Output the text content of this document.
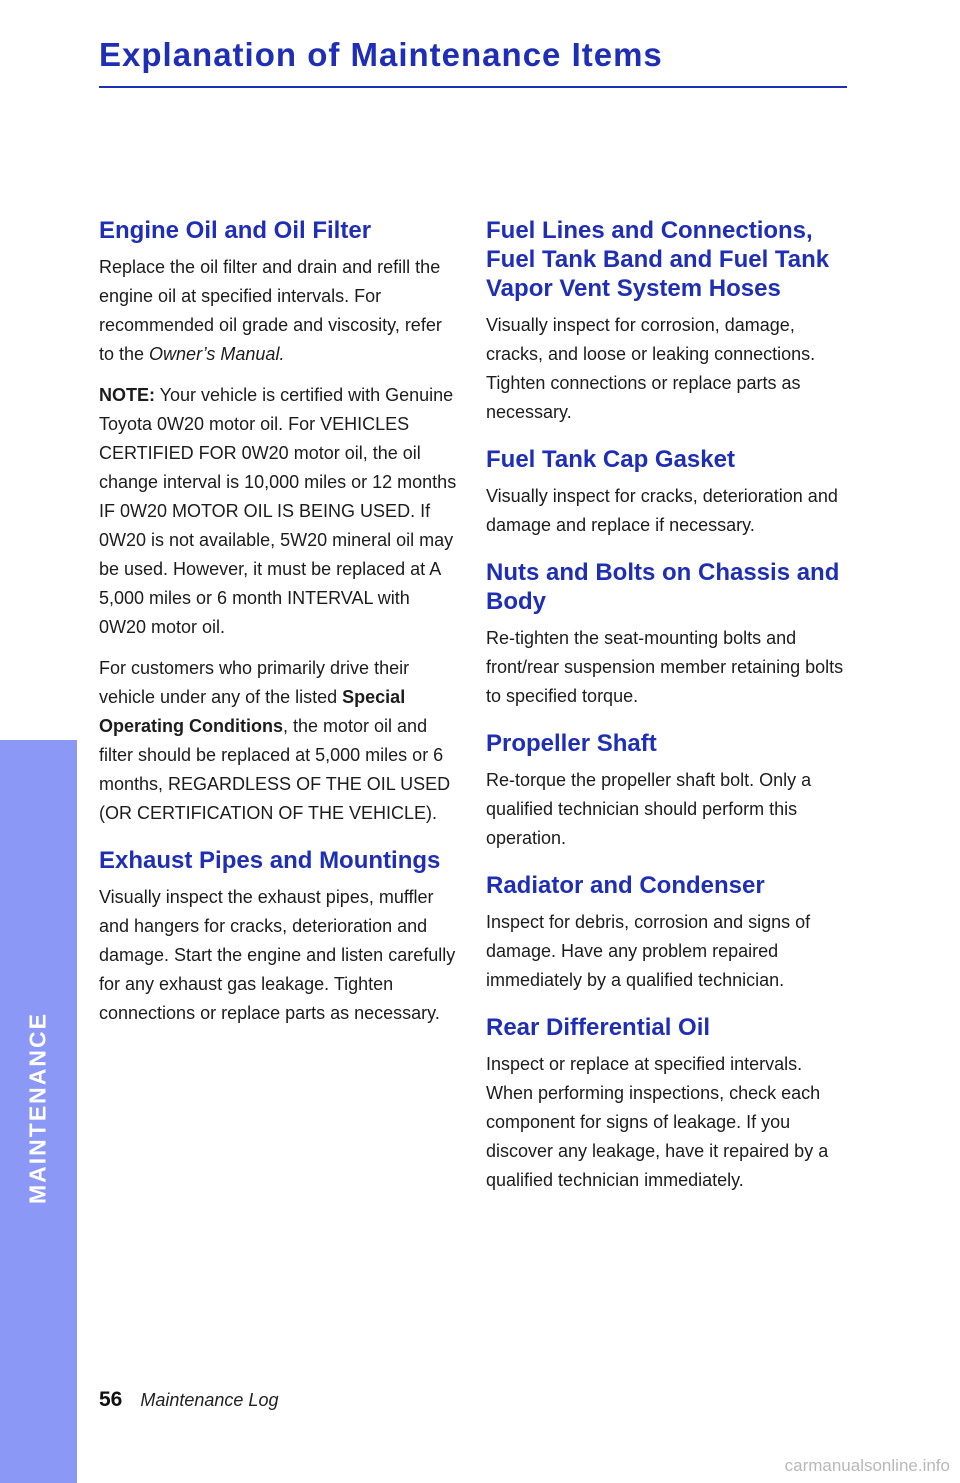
Explanation of Maintenance Items
MAINTENANCE
Engine Oil and Oil Filter

Replace the oil filter and drain and refill the engine oil at specified intervals. For recommended oil grade and viscosity, refer to the Owner’s Manual.

NOTE: Your vehicle is certified with Genuine Toyota 0W20 motor oil. For VEHICLES CERTIFIED FOR 0W20 motor oil, the oil change interval is 10,000 miles or 12 months IF 0W20 MOTOR OIL IS BEING USED. If 0W20 is not available, 5W20 mineral oil may be used. However, it must be replaced at A 5,000 miles or 6 month INTERVAL with 0W20 motor oil.

For customers who primarily drive their vehicle under any of the listed Special Operating Conditions, the motor oil and filter should be replaced at 5,000 miles or 6 months, REGARDLESS OF THE OIL USED (OR CERTIFICATION OF THE VEHICLE).

Exhaust Pipes and Mountings

Visually inspect the exhaust pipes, muffler and hangers for cracks, deterioration and damage. Start the engine and listen carefully for any exhaust gas leakage. Tighten connections or replace parts as necessary.

Fuel Lines and Connections, Fuel Tank Band and Fuel Tank Vapor Vent System Hoses

Visually inspect for corrosion, damage, cracks, and loose or leaking connections. Tighten connections or replace parts as necessary.

Fuel Tank Cap Gasket

Visually inspect for cracks, deterioration and damage and replace if necessary.

Nuts and Bolts on Chassis and Body

Re-tighten the seat-mounting bolts and front/rear suspension member retaining bolts to specified torque.

Propeller Shaft

Re-torque the propeller shaft bolt. Only a qualified technician should perform this operation.

Radiator and Condenser

Inspect for debris, corrosion and signs of damage. Have any problem repaired immediately by a qualified technician.

Rear Differential Oil

Inspect or replace at specified intervals. When performing inspections, check each component for signs of leakage. If you discover any leakage, have it repaired by a qualified technician immediately.

56 Maintenance Log
carmanualsonline.info
